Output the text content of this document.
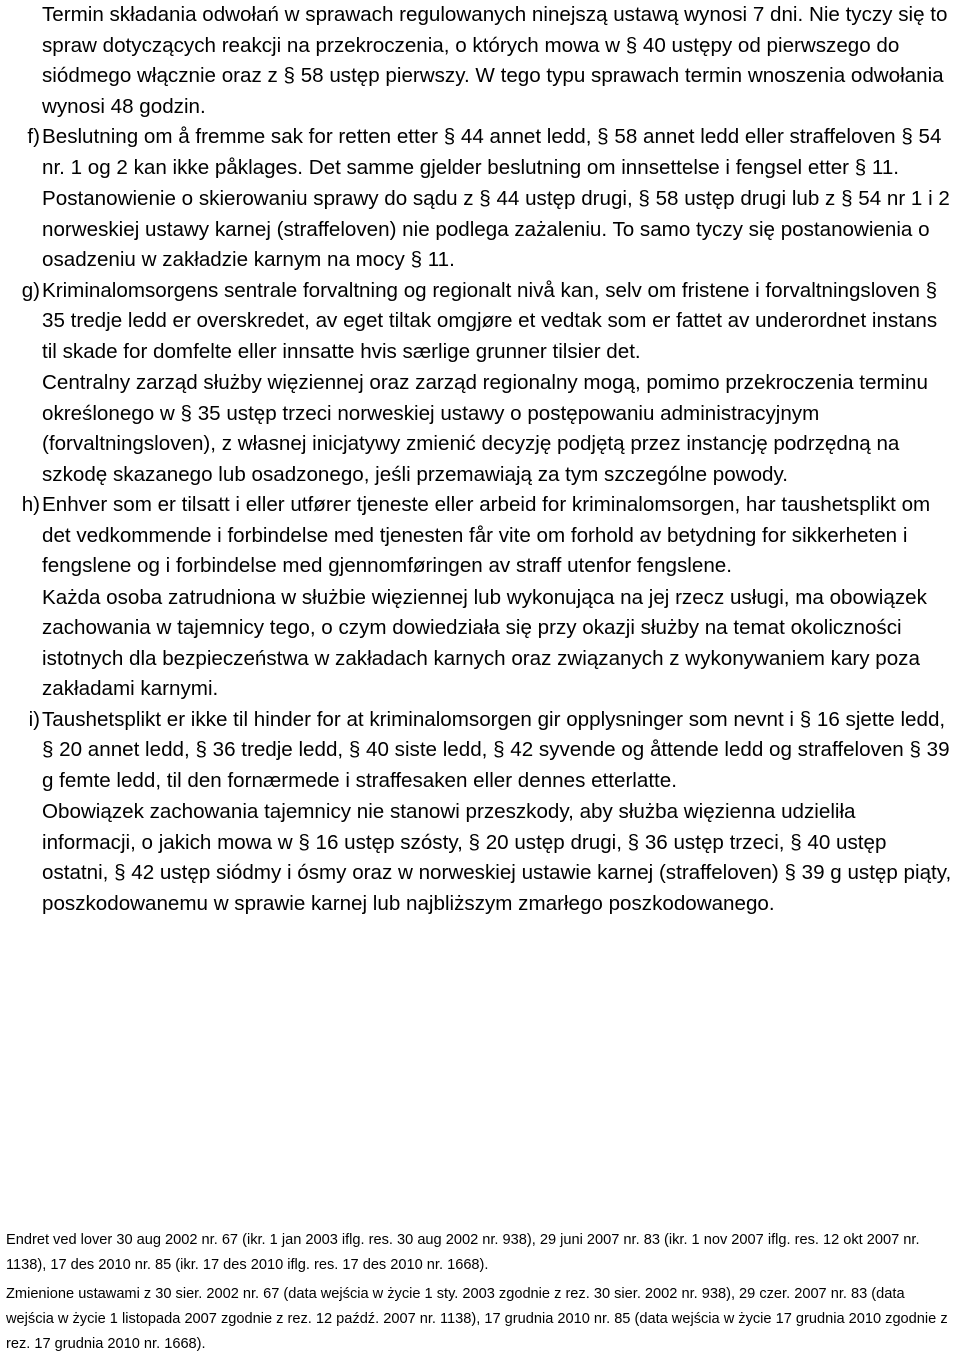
Termin składania odwołań w sprawach regulowanych ninejszą ustawą wynosi 7 dni. Nie tyczy się to spraw dotyczących reakcji na przekroczenia, o których mowa w § 40 ustępy od pierwszego do siódmego włącznie oraz z § 58 ustęp pierwszy. W tego typu sprawach termin wnoszenia odwołania wynosi 48 godzin.

f) Beslutning om å fremme sak for retten etter § 44 annet ledd, § 58 annet ledd eller straffeloven § 54 nr. 1 og 2 kan ikke påklages. Det samme gjelder beslutning om innsettelse i fengsel etter § 11.

Postanowienie o skierowaniu sprawy do sądu z § 44 ustęp drugi, § 58 ustęp drugi lub z § 54 nr 1 i 2 norweskiej ustawy karnej (straffeloven) nie podlega zażaleniu. To samo tyczy się postanowienia o osadzeniu w zakładzie karnym na mocy § 11.

g) Kriminalomsorgens sentrale forvaltning og regionalt nivå kan, selv om fristene i forvaltningsloven § 35 tredje ledd er overskredet, av eget tiltak omgjøre et vedtak som er fattet av underordnet instans til skade for domfelte eller innsatte hvis særlige grunner tilsier det.

Centralny zarząd służby więziennej oraz zarząd regionalny mogą, pomimo przekroczenia terminu określonego w § 35 ustęp trzeci norweskiej ustawy o postępowaniu administracyjnym (forvaltningsloven), z własnej inicjatywy zmienić decyzję podjętą przez instancję podrzędną na szkodę skazanego lub osadzonego, jeśli przemawiają za tym szczególne powody.

h) Enhver som er tilsatt i eller utfører tjeneste eller arbeid for kriminalomsorgen, har taushetsplikt om det vedkommende i forbindelse med tjenesten får vite om forhold av betydning for sikkerheten i fengslene og i forbindelse med gjennomføringen av straff utenfor fengslene.

Każda osoba zatrudniona w służbie więziennej lub wykonująca na jej rzecz usługi, ma obowiązek zachowania w tajemnicy tego, o czym dowiedziała się przy okazji służby na temat okoliczności istotnych dla bezpieczeństwa w zakładach karnych oraz związanych z wykonywaniem kary poza zakładami karnymi.

i) Taushetsplikt er ikke til hinder for at kriminalomsorgen gir opplysninger som nevnt i § 16 sjette ledd, § 20 annet ledd, § 36 tredje ledd, § 40 siste ledd, § 42 syvende og åttende ledd og straffeloven § 39 g femte ledd, til den fornærmede i straffesaken eller dennes etterlatte.

Obowiązek zachowania tajemnicy nie stanowi przeszkody, aby służba więzienna udzieliła informacji, o jakich mowa w § 16 ustęp szósty, § 20 ustęp drugi, § 36 ustęp trzeci, § 40 ustęp ostatni, § 42 ustęp siódmy i ósmy oraz w norweskiej ustawie karnej (straffeloven) § 39 g ustęp piąty, poszkodowanemu w sprawie karnej lub najbliższym zmarłego poszkodowanego.

Endret ved lover 30 aug 2002 nr. 67 (ikr. 1 jan 2003 iflg. res. 30 aug 2002 nr. 938), 29 juni 2007 nr. 83 (ikr. 1 nov 2007 iflg. res. 12 okt 2007 nr. 1138), 17 des 2010 nr. 85 (ikr. 17 des 2010 iflg. res. 17 des 2010 nr. 1668).

Zmienione ustawami z 30 sier. 2002 nr. 67 (data wejścia w życie 1 sty. 2003 zgodnie z rez. 30 sier. 2002 nr. 938), 29 czer. 2007 nr. 83 (data wejścia w życie 1 listopada 2007 zgodnie z rez. 12 paźdź. 2007 nr. 1138), 17 grudnia 2010 nr. 85 (data wejścia w życie 17 grudnia 2010 zgodnie z rez. 17 grudnia 2010 nr. 1668).
